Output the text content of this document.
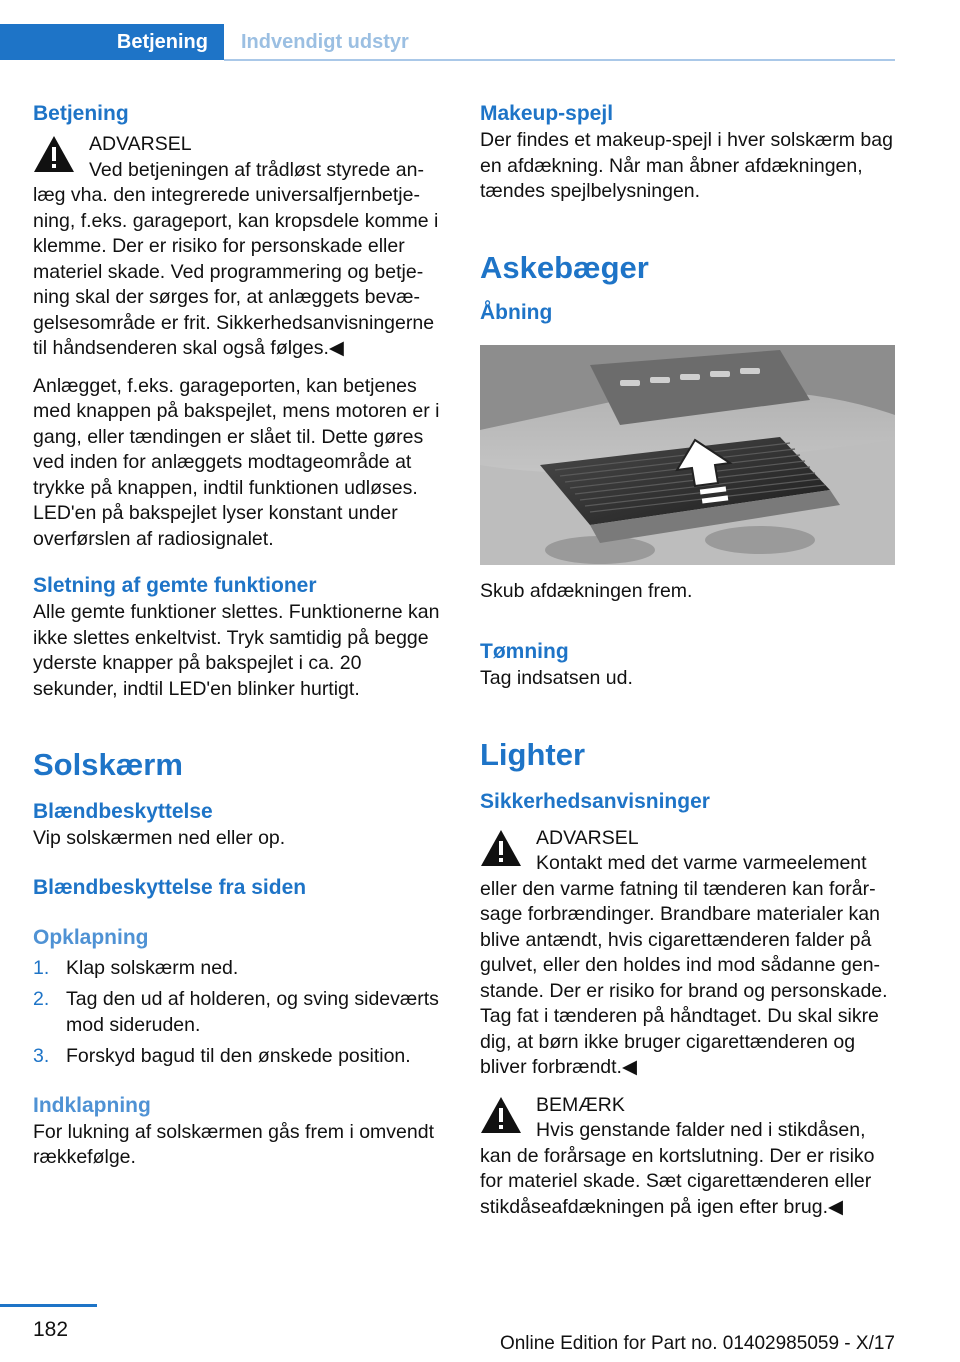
Betjening	Indvendigt udstyr

Betjening

ADVARSEL

Ved betjeningen af trådløst styrede anlæg vha. den integrerede universalfjernbetjening, f.eks. garageport, kan kropsdele komme i klemme. Der er risiko for personskade eller materiel skade. Ved programmering og betjening skal der sørges for, at anlæggets bevægelsesområde er frit. Sikkerhedsanvisningerne til håndsenderen skal også følges.◀

Anlægget, f.eks. garageporten, kan betjenes med knappen på bakspejlet, mens motoren er i gang, eller tændingen er slået til. Dette gøres ved inden for anlæggets modtageområde at trykke på knappen, indtil funktionen udløses. LED'en på bakspejlet lyser konstant under overførslen af radiosignalet.

Sletning af gemte funktioner

Alle gemte funktioner slettes. Funktionerne kan ikke slettes enkeltvist. Tryk samtidig på begge yderste knapper på bakspejlet i ca. 20 sekunder, indtil LED'en blinker hurtigt.

Solskærm

Blændbeskyttelse

Vip solskærmen ned eller op.

Blændbeskyttelse fra siden

Opklapning

1. Klap solskærm ned.
2. Tag den ud af holderen, og sving sideværts mod sideruden.
3. Forskyd bagud til den ønskede position.

Indklapning

For lukning af solskærmen gås frem i omvendt rækkefølge.

Makeup-spejl

Der findes et makeup-spejl i hver solskærm bag en afdækning. Når man åbner afdækningen, tændes spejlbelysningen.

Askebæger

Åbning

Skub afdækningen frem.

Tømning

Tag indsatsen ud.

Lighter

Sikkerhedsanvisninger

ADVARSEL

Kontakt med det varme varmeelement eller den varme fatning til tænderen kan forårsage forbrændinger. Brandbare materialer kan blive antændt, hvis cigarettænderen falder på gulvet, eller den holdes ind mod sådanne genstande. Der er risiko for brand og personskade. Tag fat i tænderen på håndtaget. Du skal sikre dig, at børn ikke bruger cigarettænderen og bliver forbrændt.◀

BEMÆRK

Hvis genstande falder ned i stikdåsen, kan de forårsage en kortslutning. Der er risiko for materiel skade. Sæt cigarettænderen eller stikdåseafdækningen på igen efter brug.◀

182
Online Edition for Part no. 01402985059 - X/17
